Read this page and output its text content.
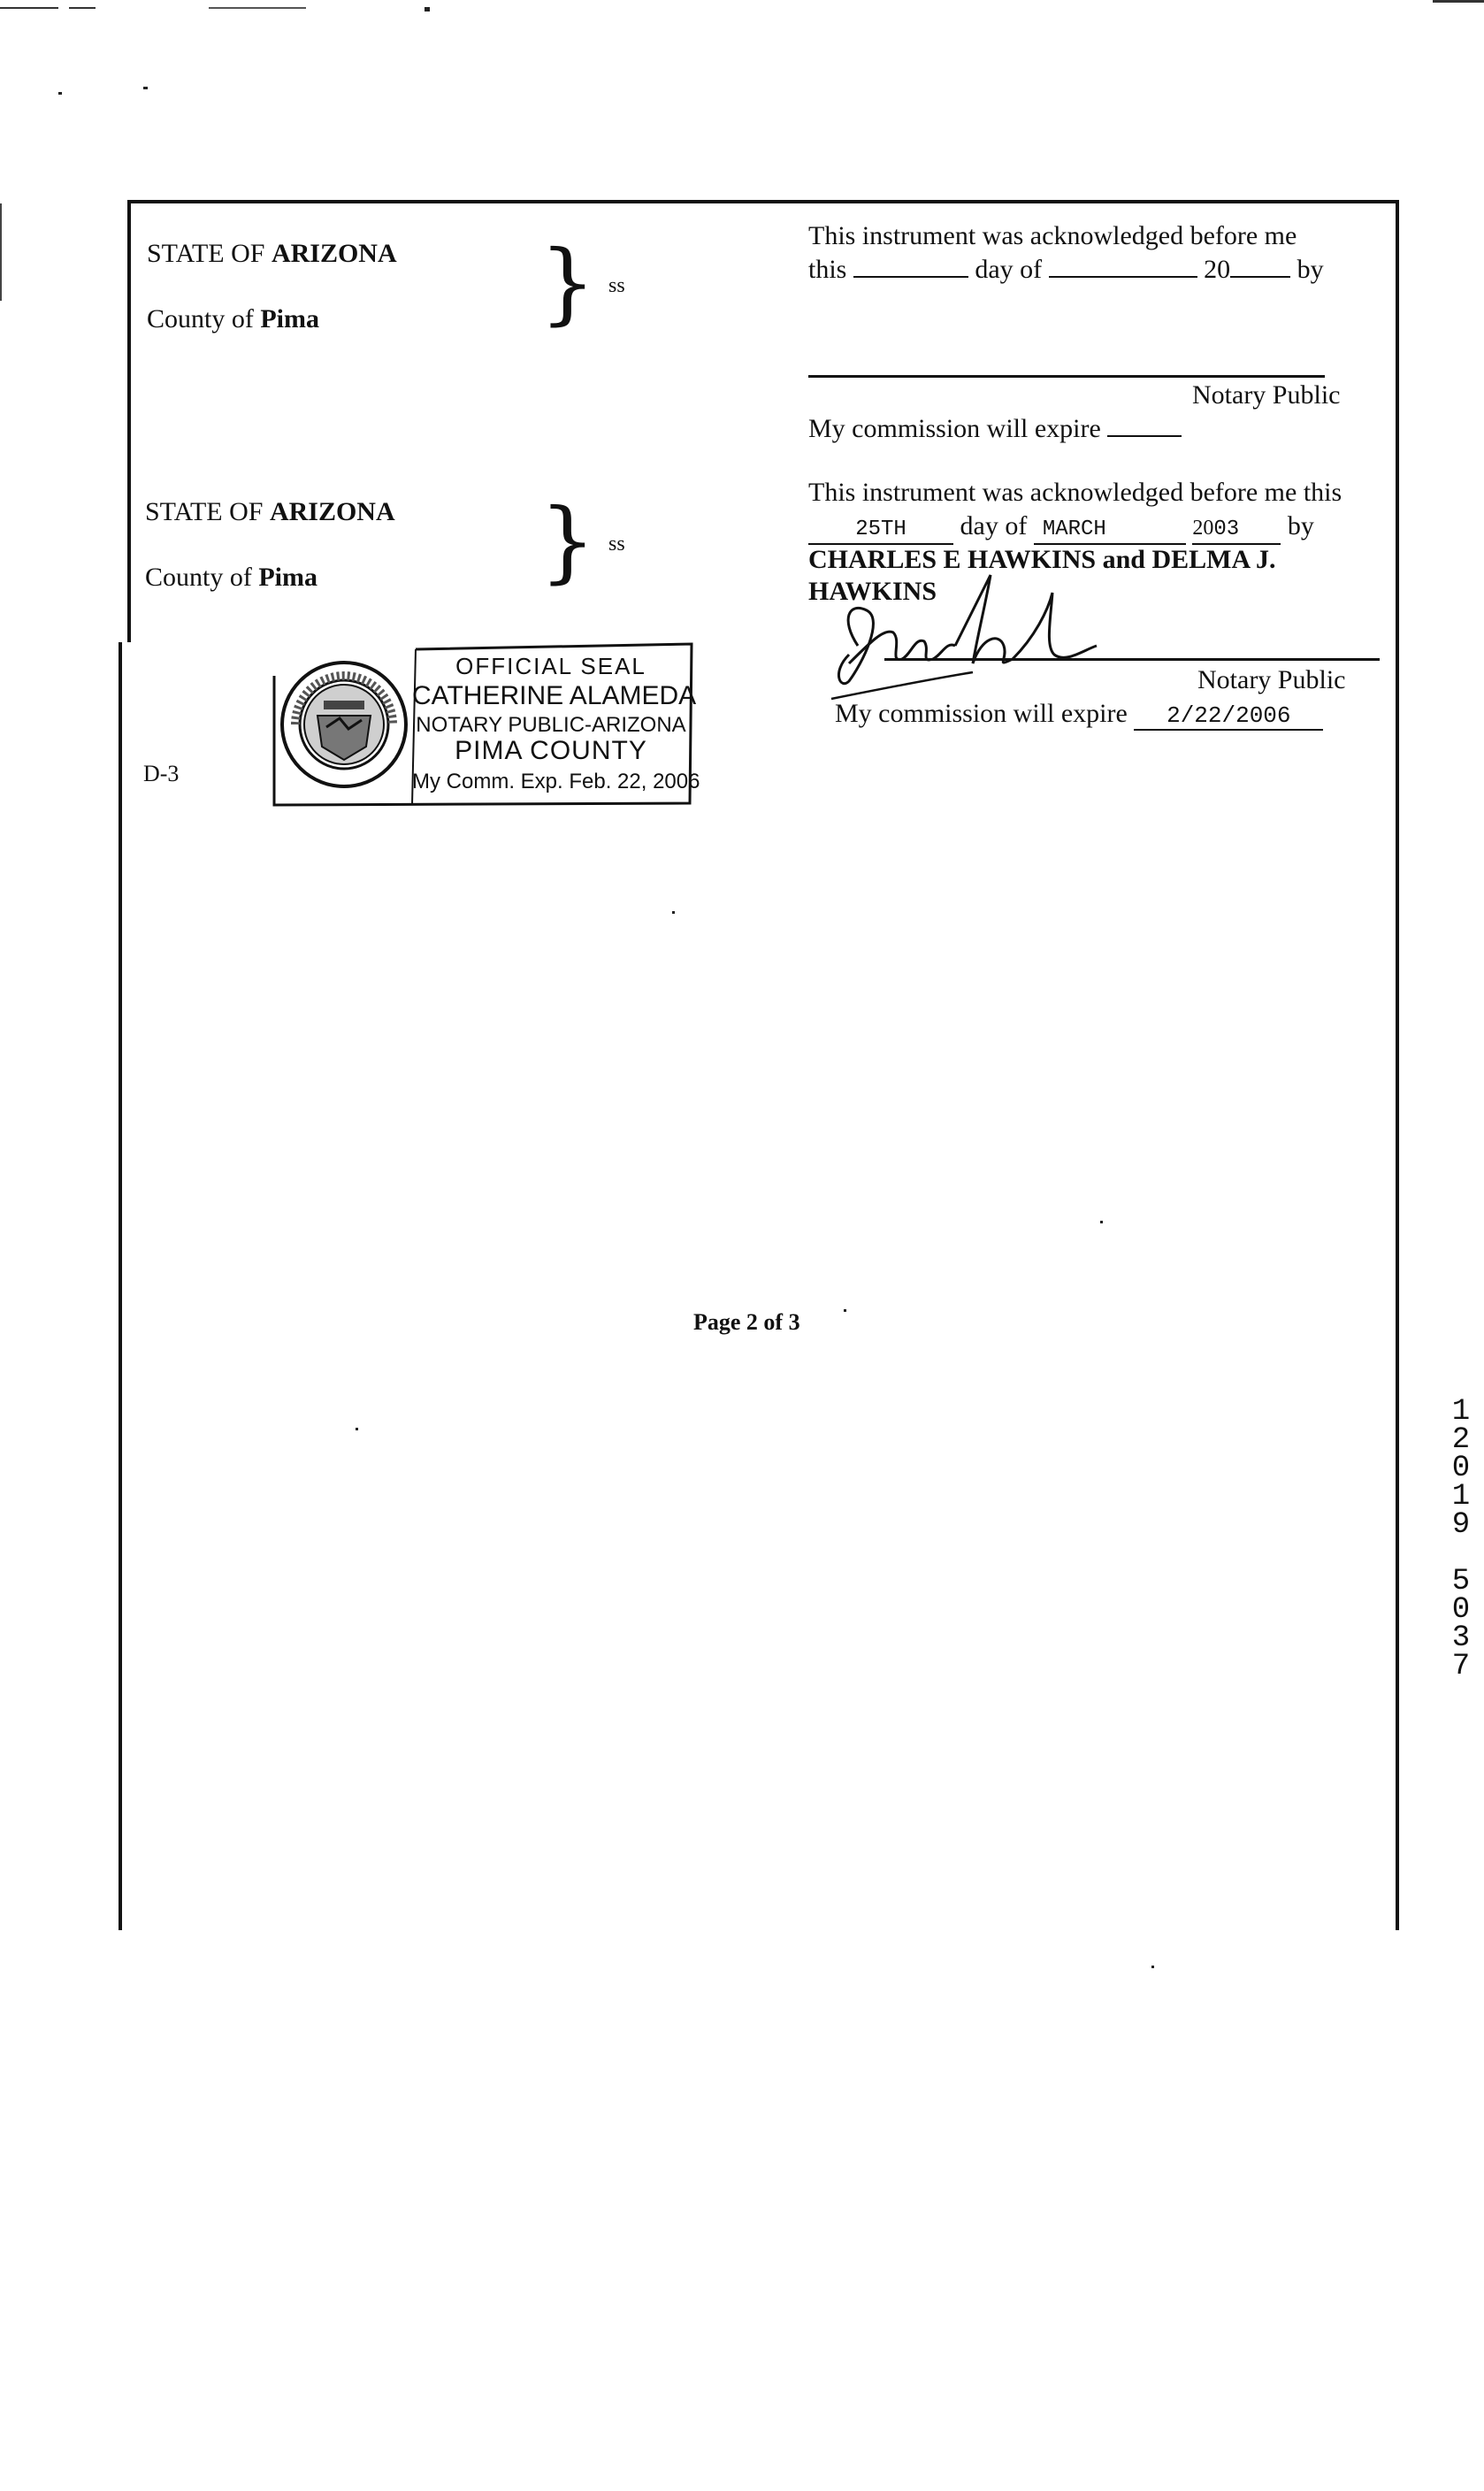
STATE OF ARIZONA
County of Pima } ss
STATE OF ARIZONA
County of Pima	} ss
This instrument was acknowledged before me
this	day of	20	by
Notary Public
My commission will expire
This instrument was acknowledged before me this
25TH day of MARCH	2003 by
CHARLES E HAWKINS and DELMA J.
HAWKINS
Notary Public
My commission will expire 2/22/2006
OFFICIAL SEAL
CATHERINE ALAMEDA
NOTARY PUBLIC-ARIZONA
PIMA COUNTY
My Comm. Exp. Feb. 22, 2006
D-3
Page 2 of 3
1
2
0
1
9
5
0
3
7
